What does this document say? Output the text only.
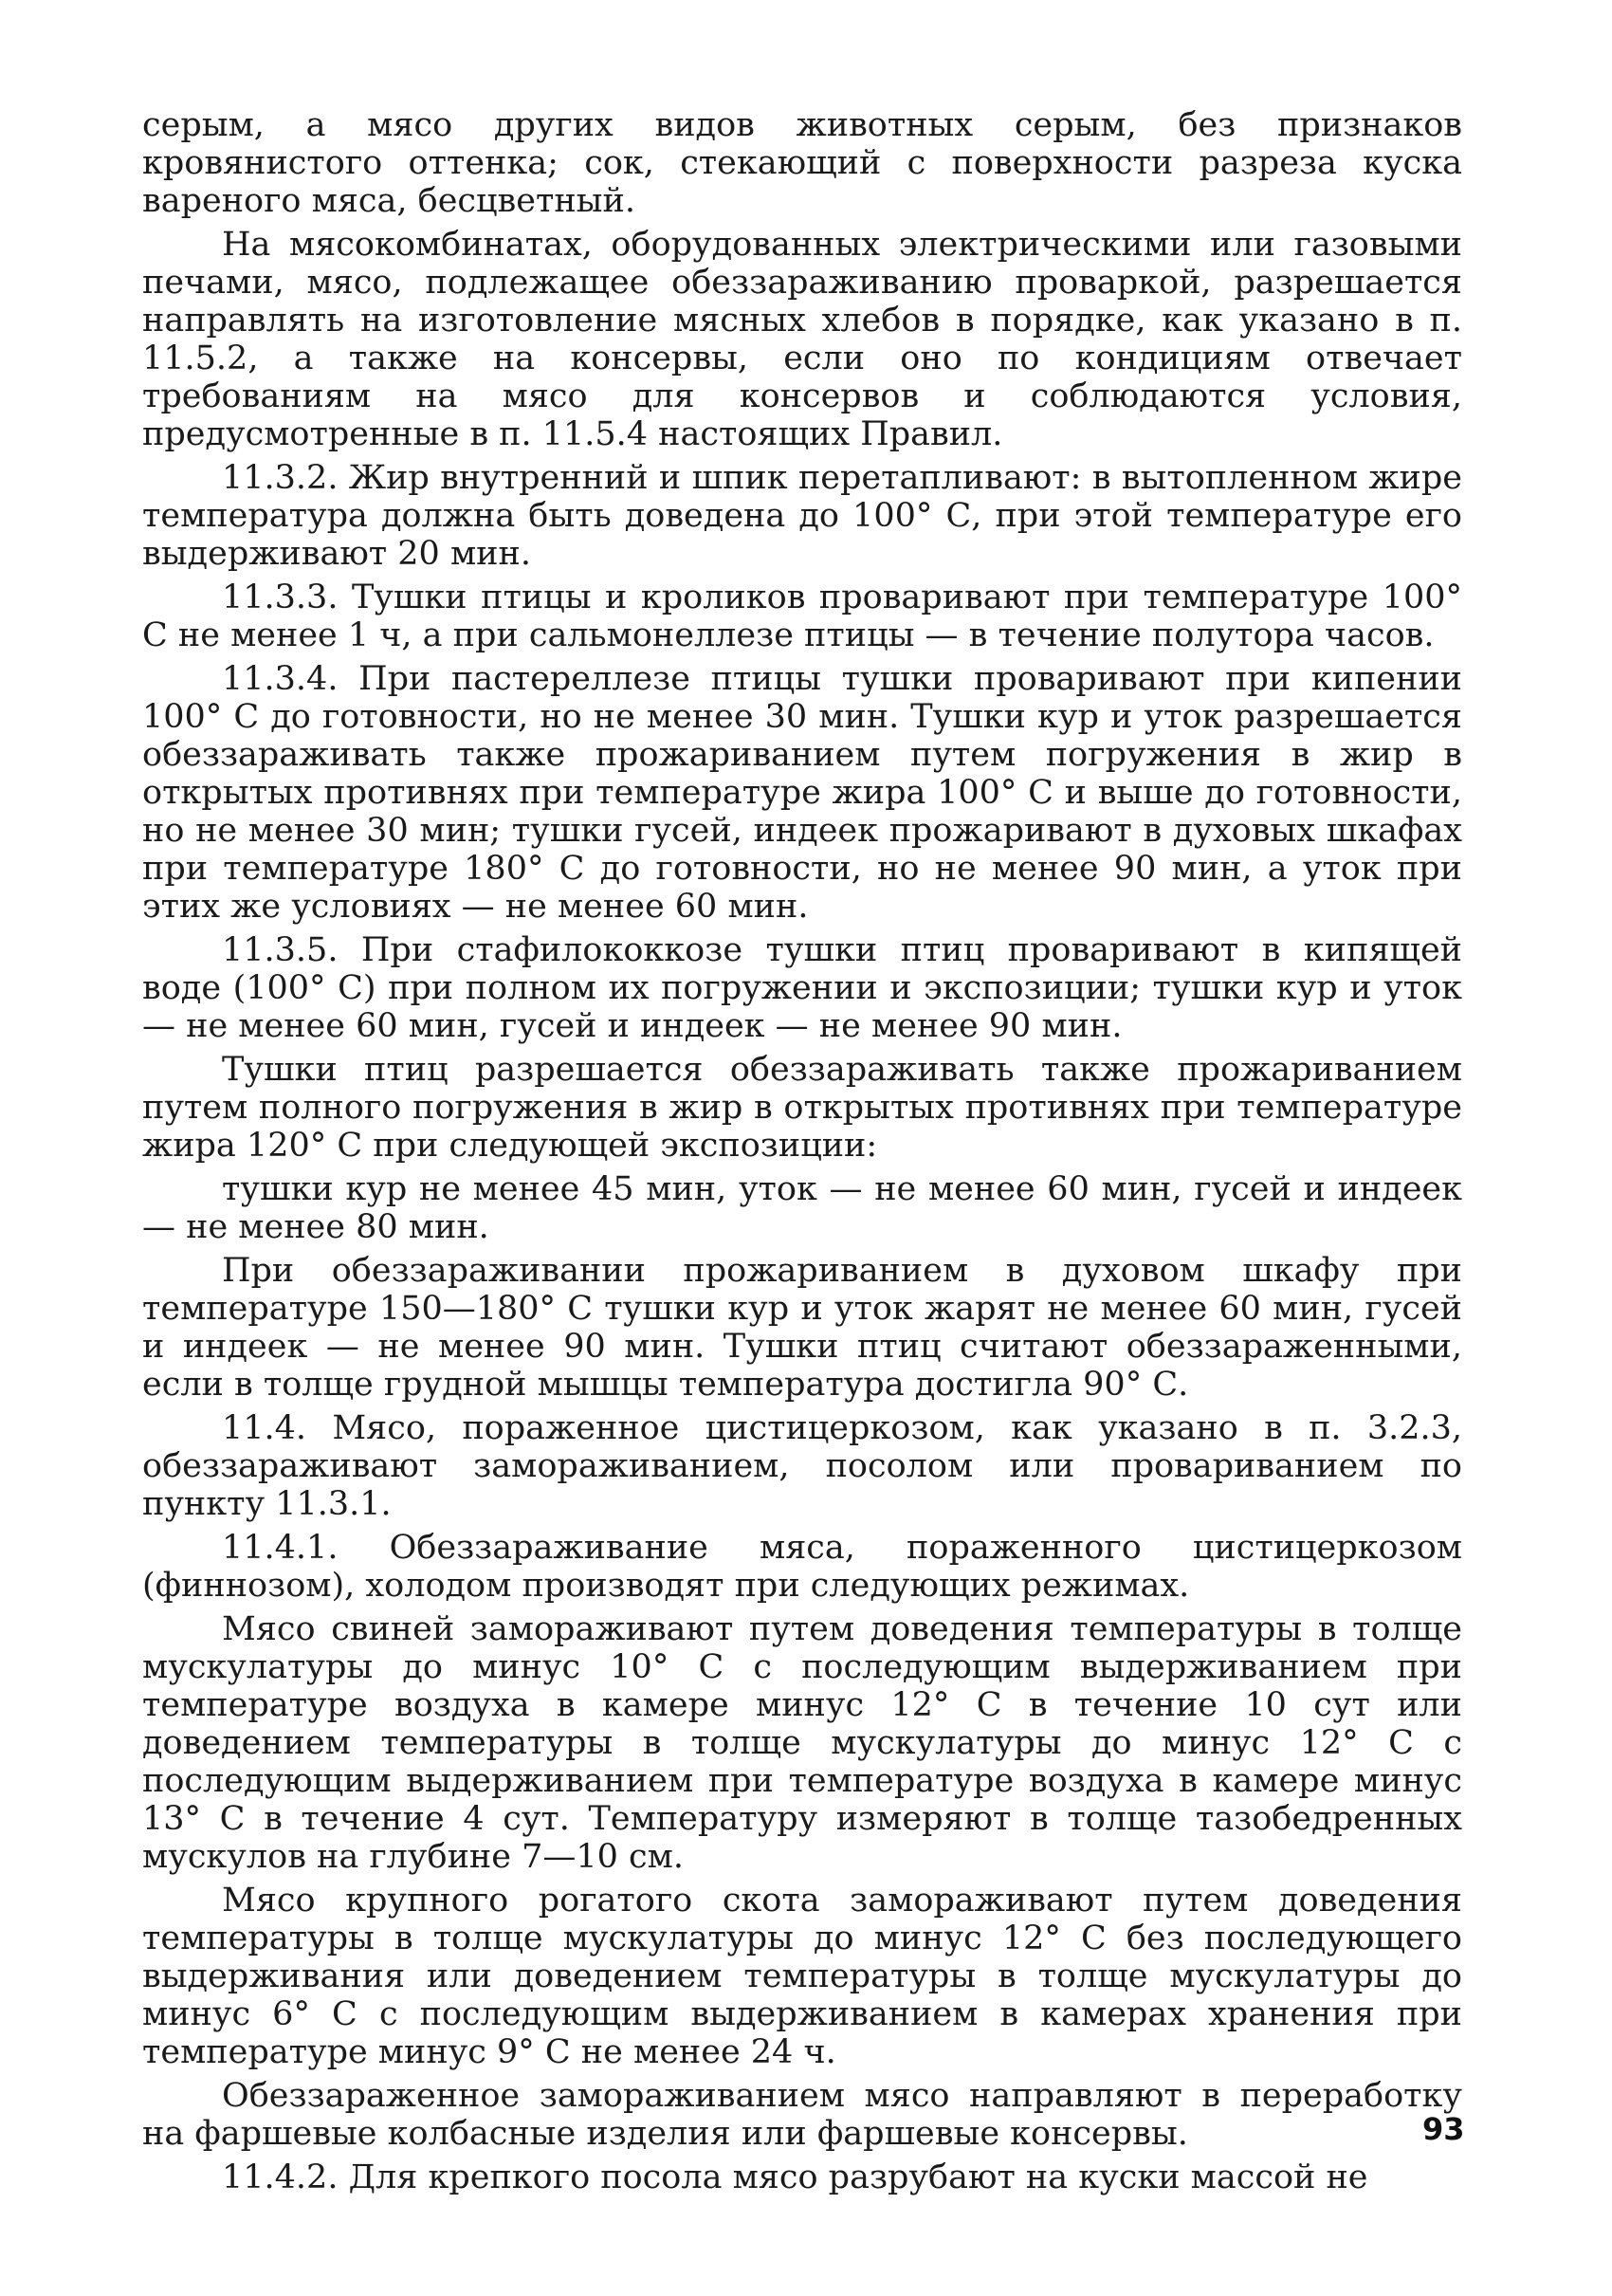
серым, а мясо других видов животных серым, без признаков кровянистого оттенка; сок, стекающий с поверхности разреза куска вареного мяса, бесцветный.

На мясокомбинатах, оборудованных электрическими или газовыми печами, мясо, подлежащее обеззараживанию проваркой, разрешается направлять на изготовление мясных хлебов в порядке, как указано в п. 11.5.2, а также на консервы, если оно по кондициям отвечает требованиям на мясо для консервов и соблюдаются условия, предусмотренные в п. 11.5.4 настоящих Правил.

11.3.2. Жир внутренний и шпик перетапливают: в вытопленном жире температура должна быть доведена до 100° С, при этой температуре его выдерживают 20 мин.

11.3.3. Тушки птицы и кроликов проваривают при температуре 100° С не менее 1 ч, а при сальмонеллезе птицы — в течение полутора часов.

11.3.4. При пастереллезе птицы тушки проваривают при кипении 100° С до готовности, но не менее 30 мин. Тушки кур и уток разрешается обеззараживать также прожариванием путем погружения в жир в открытых противнях при температуре жира 100° С и выше до готовности, но не менее 30 мин; тушки гусей, индеек прожаривают в духовых шкафах при температуре 180° С до готовности, но не менее 90 мин, а уток при этих же условиях — не менее 60 мин.

11.3.5. При стафилококкозе тушки птиц проваривают в кипящей воде (100° С) при полном их погружении и экспозиции; тушки кур и уток — не менее 60 мин, гусей и индеек — не менее 90 мин.

Тушки птиц разрешается обеззараживать также прожариванием путем полного погружения в жир в открытых противнях при температуре жира 120° С при следующей экспозиции:

тушки кур не менее 45 мин, уток — не менее 60 мин, гусей и индеек — не менее 80 мин.

При обеззараживании прожариванием в духовом шкафу при температуре 150—180° С тушки кур и уток жарят не менее 60 мин, гусей и индеек — не менее 90 мин. Тушки птиц считают обеззараженными, если в толще грудной мышцы температура достигла 90° С.

11.4. Мясо, пораженное цистицеркозом, как указано в п. 3.2.3, обеззараживают замораживанием, посолом или провариванием по пункту 11.3.1.

11.4.1. Обеззараживание мяса, пораженного цистицеркозом (финнозом), холодом производят при следующих режимах.

Мясо свиней замораживают путем доведения температуры в толще мускулатуры до минус 10° С с последующим выдерживанием при температуре воздуха в камере минус 12° С в течение 10 сут или доведением температуры в толще мускулатуры до минус 12° С с последующим выдерживанием при температуре воздуха в камере минус 13° С в течение 4 сут. Температуру измеряют в толще тазобедренных мускулов на глубине 7—10 см.

Мясо крупного рогатого скота замораживают путем доведения температуры в толще мускулатуры до минус 12° С без последующего выдерживания или доведением температуры в толще мускулатуры до минус 6° С с последующим выдерживанием в камерах хранения при температуре минус 9° С не менее 24 ч.

Обеззараженное замораживанием мясо направляют в переработку на фаршевые колбасные изделия или фаршевые консервы.

11.4.2. Для крепкого посола мясо разрубают на куски массой не

93
